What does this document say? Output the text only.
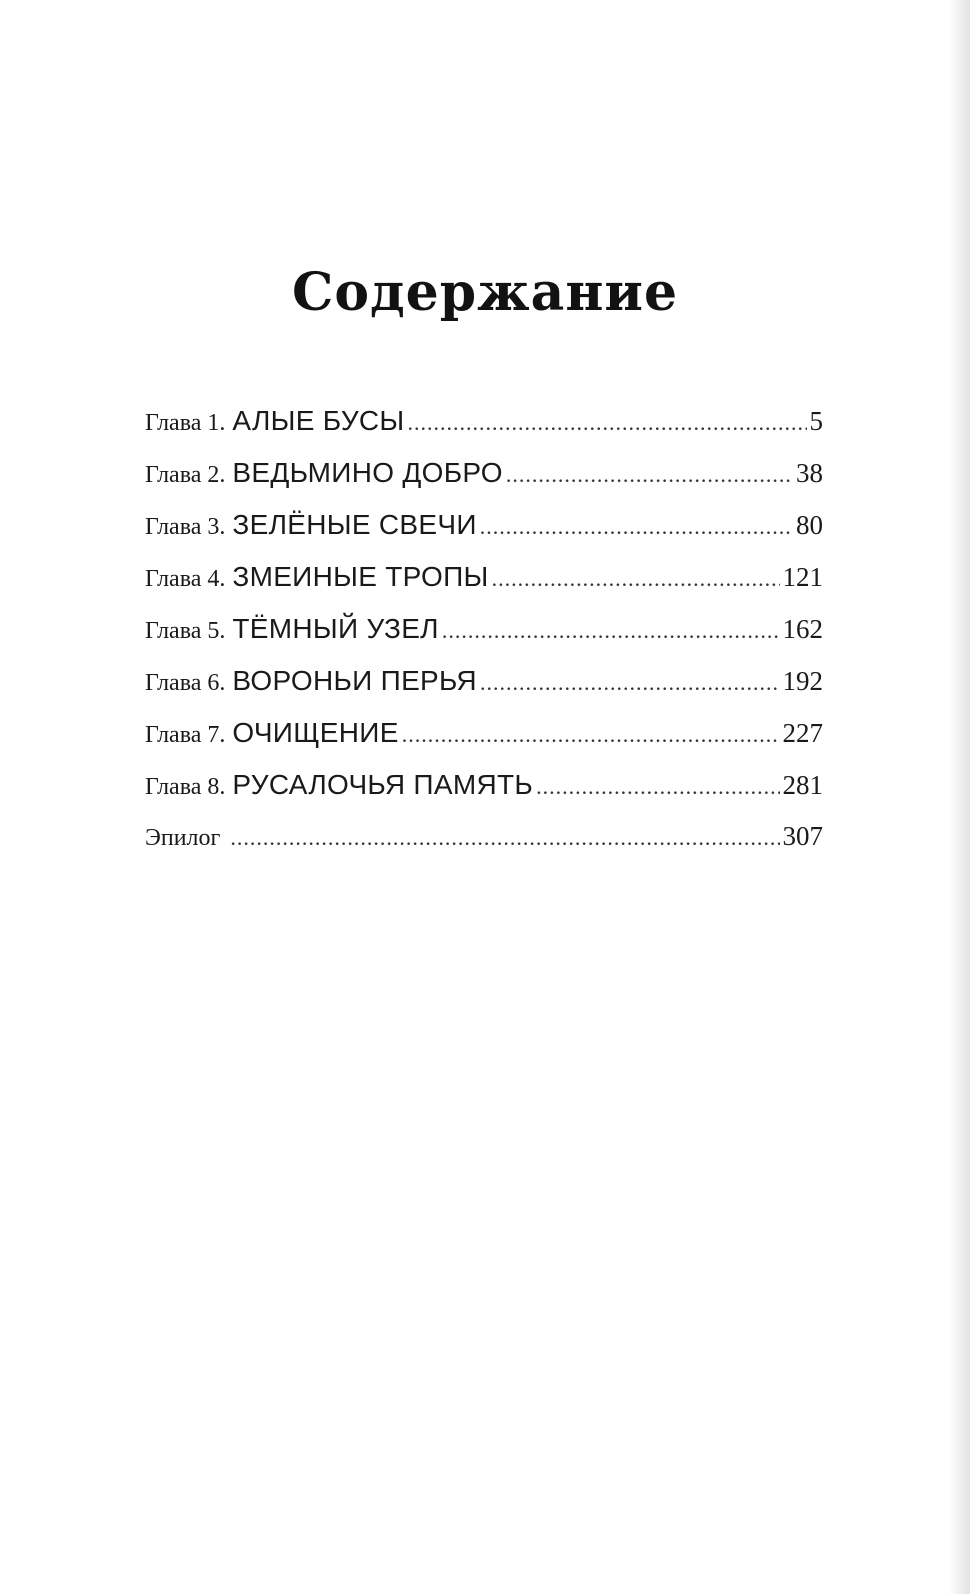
Содержание
Глава 1. АЛЫЕ БУСЫ .....	5
Глава 2. ВЕДЬМИНО ДОБРО .....	38
Глава 3. ЗЕЛЁНЫЕ СВЕЧИ .....	80
Глава 4. ЗМЕИНЫЕ ТРОПЫ .....	121
Глава 5. ТЁМНЫЙ УЗЕЛ .....	162
Глава 6. ВОРОНЬИ ПЕРЬЯ .....	192
Глава 7. ОЧИЩЕНИЕ .....	227
Глава 8. РУСАЛОЧЬЯ ПАМЯТЬ .....	281
Эпилог .....	307
